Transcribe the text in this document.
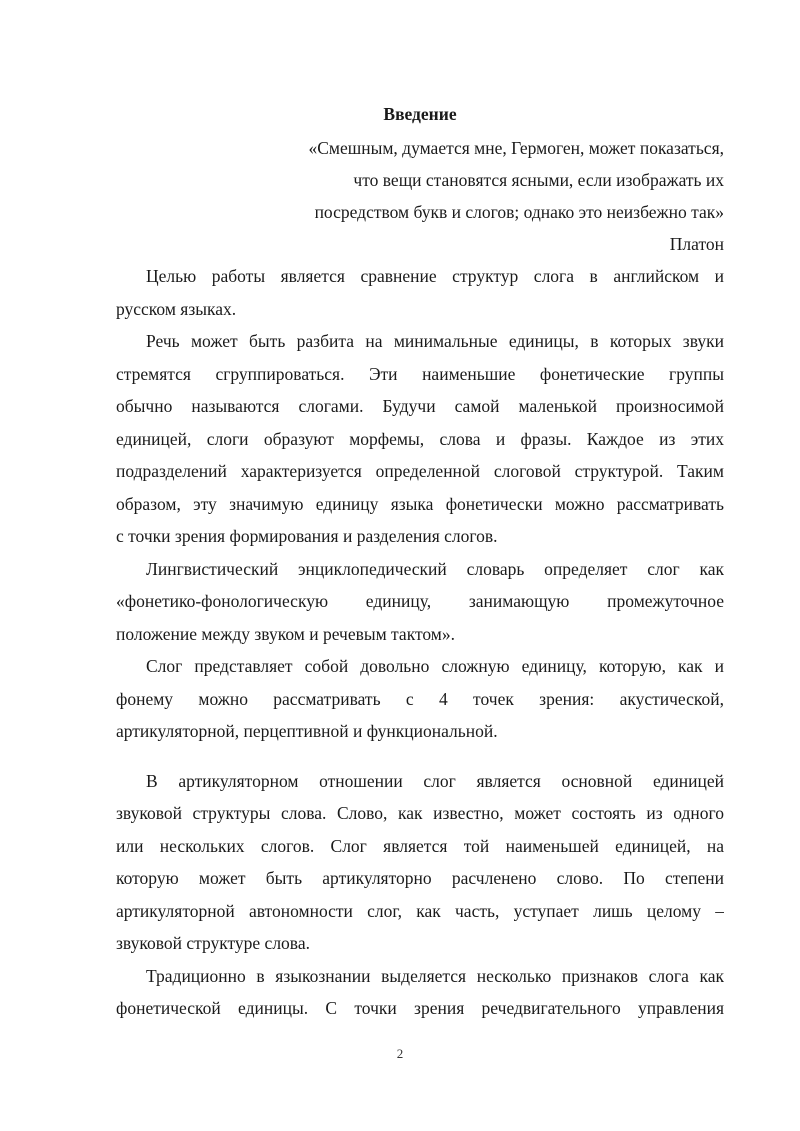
Введение
«Смешным, думается мне, Гермоген, может показаться,
что вещи становятся ясными, если изображать их
посредством букв и слогов; однако это неизбежно так»
Платон
Целью работы является сравнение структур слога в английском и
русском языках.
Речь может быть разбита на минимальные единицы, в которых звуки
стремятся сгруппироваться. Эти наименьшие фонетические группы
обычно называются слогами. Будучи самой маленькой произносимой
единицей, слоги образуют морфемы, слова и фразы. Каждое из этих
подразделений характеризуется определенной слоговой структурой. Таким
образом, эту значимую единицу языка фонетически можно рассматривать
с точки зрения формирования и разделения слогов.
Лингвистический энциклопедический словарь определяет слог как
«фонетико-фонологическую единицу, занимающую промежуточное
положение между звуком и речевым тактом».
Слог представляет собой довольно сложную единицу, которую, как и
фонему можно рассматривать с 4 точек зрения: акустической,
артикуляторной, перцептивной и функциональной.
В артикуляторном отношении слог является основной единицей
звуковой структуры слова. Слово, как известно, может состоять из одного
или нескольких слогов. Слог является той наименьшей единицей, на
которую может быть артикуляторно расчленено слово. По степени
артикуляторной автономности слог, как часть, уступает лишь целому –
звуковой структуре слова.
Традиционно в языкознании выделяется несколько признаков слога как
фонетической единицы. С точки зрения речедвигательного управления
2
